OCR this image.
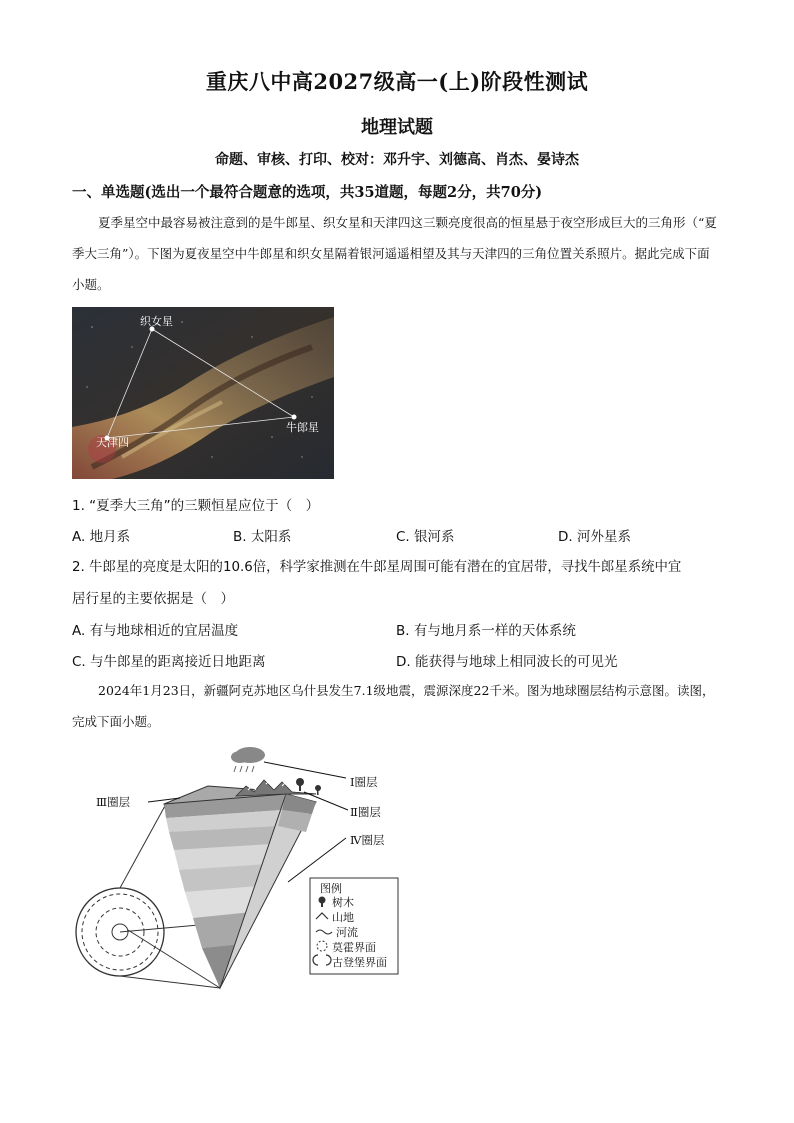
重庆八中高2027级高一(上)阶段性测试
地理试题
命题、审核、打印、校对：邓升宇、刘德高、肖杰、晏诗杰
一、单选题(选出一个最符合题意的选项，共35道题，每题2分，共70分)
夏季星空中最容易被注意到的是牛郎星、织女星和天津四这三颗亮度很高的恒星悬于夜空形成巨大的三角形（“夏季大三角”）。下图为夏夜星空中牛郎星和织女星隔着银河遥遥相望及其与天津四的三角位置关系照片。据此完成下面小题。
织女星
天津四
牛郎星
1. “夏季大三角”的三颗恒星应位于（　）
A. 地月系	B. 太阳系	C. 银河系	D. 河外星系
2. 牛郎星的亮度是太阳的10.6倍，科学家推测在牛郎星周围可能有潜在的宜居带，寻找牛郎星系统中宜
居行星的主要依据是（　）
A. 有与地球相近的宜居温度	B. 有与地月系一样的天体系统
C. 与牛郎星的距离接近日地距离	D. 能获得与地球上相同波长的可见光
2024年1月23日，新疆阿克苏地区乌什县发生7.1级地震，震源深度22千米。图为地球圈层结构示意图。读图，完成下面小题。
Ⅰ圈层
Ⅱ圈层
Ⅲ圈层
Ⅳ圈层
图例
树木
山地
河流
莫霍界面
古登堡界面
